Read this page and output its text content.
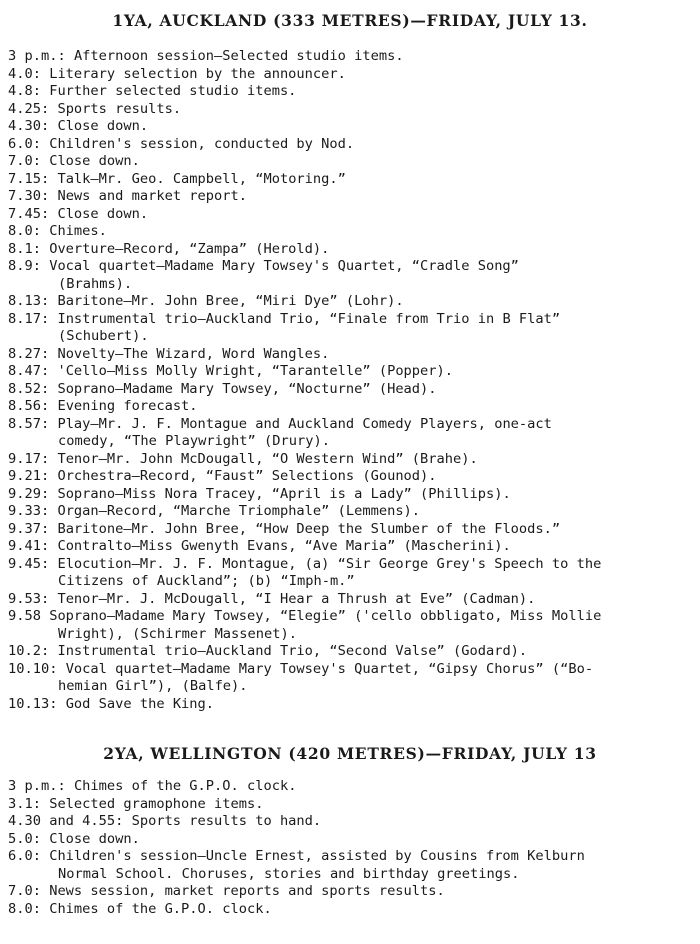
1YA, AUCKLAND (333 METRES)—FRIDAY, JULY 13.
3 p.m.: Afternoon session—Selected studio items.
4.0: Literary selection by the announcer.
4.8: Further selected studio items.
4.25: Sports results.
4.30: Close down.
6.0: Children's session, conducted by Nod.
7.0: Close down.
7.15: Talk—Mr. Geo. Campbell, “Motoring.”
7.30: News and market report.
7.45: Close down.
8.0: Chimes.
8.1: Overture—Record, “Zampa” (Herold).
8.9: Vocal quartet—Madame Mary Towsey's Quartet, “Cradle Song”
(Brahms).
8.13: Baritone—Mr. John Bree, “Miri Dye” (Lohr).
8.17: Instrumental trio—Auckland Trio, “Finale from Trio in B Flat”
(Schubert).
8.27: Novelty—The Wizard, Word Wangles.
8.47: 'Cello—Miss Molly Wright, “Tarantelle” (Popper).
8.52: Soprano—Madame Mary Towsey, “Nocturne” (Head).
8.56: Evening forecast.
8.57: Play—Mr. J. F. Montague and Auckland Comedy Players, one-act
comedy, “The Playwright” (Drury).
9.17: Tenor—Mr. John McDougall, “O Western Wind” (Brahe).
9.21: Orchestra—Record, “Faust” Selections (Gounod).
9.29: Soprano—Miss Nora Tracey, “April is a Lady” (Phillips).
9.33: Organ—Record, “Marche Triomphale” (Lemmens).
9.37: Baritone—Mr. John Bree, “How Deep the Slumber of the Floods.”
9.41: Contralto—Miss Gwenyth Evans, “Ave Maria” (Mascherini).
9.45: Elocution—Mr. J. F. Montague, (a) “Sir George Grey's Speech to the
Citizens of Auckland”; (b) “Imph-m.”
9.53: Tenor—Mr. J. McDougall, “I Hear a Thrush at Eve” (Cadman).
9.58 Soprano—Madame Mary Towsey, “Elegie” ('cello obbligato, Miss Mollie
Wright), (Schirmer Massenet).
10.2: Instrumental trio—Auckland Trio, “Second Valse” (Godard).
10.10: Vocal quartet—Madame Mary Towsey's Quartet, “Gipsy Chorus” (“Bo-
hemian Girl”), (Balfe).
10.13: God Save the King.
2YA, WELLINGTON (420 METRES)—FRIDAY, JULY 13
3 p.m.: Chimes of the G.P.O. clock.
3.1: Selected gramophone items.
4.30 and 4.55: Sports results to hand.
5.0: Close down.
6.0: Children's session—Uncle Ernest, assisted by Cousins from Kelburn
Normal School. Choruses, stories and birthday greetings.
7.0: News session, market reports and sports results.
8.0: Chimes of the G.P.O. clock.
